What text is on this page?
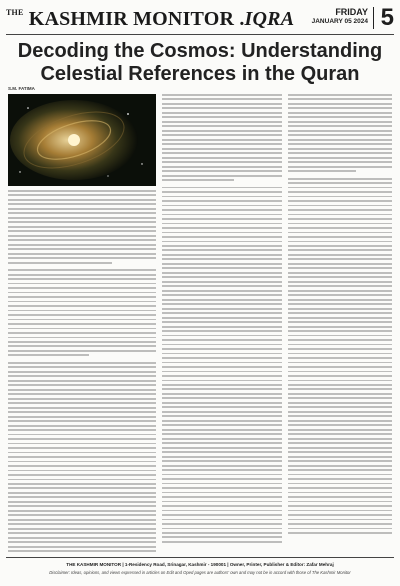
$^{THE}$ KASHMIR MONITOR .IQRA	FRIDAY
JANUARY 05 2024 5
Decoding the Cosmos: Understanding Celestial References in the Quran
S.M. FATIMA
THE KASHMIR MONITOR | 1-Residency Road, Srinagar, Kashmir - 190001 | Owner, Printer, Publisher & Editor: Zafar Mehraj
Disclaimer: Ideas, opinions, and views expressed in articles on Edit and Oped pages are authors' own and may not be in accord with those of The Kashmir Monitor
